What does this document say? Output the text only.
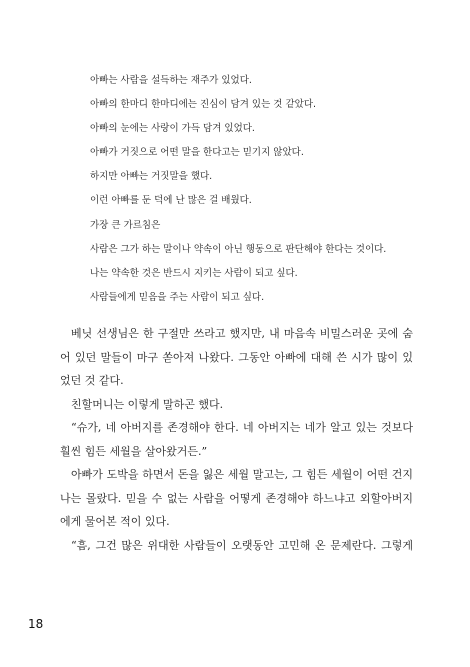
아빠는 사람을 설득하는 재주가 있었다.
아빠의 한마디 한마디에는 진심이 담겨 있는 것 같았다.
아빠의 눈에는 사랑이 가득 담겨 있었다.
아빠가 거짓으로 어떤 말을 한다고는 믿기지 않았다.
하지만 아빠는 거짓말을 했다.
이런 아빠를 둔 덕에 난 많은 걸 배웠다.
가장 큰 가르침은
사람은 그가 하는 말이나 약속이 아닌 행동으로 판단해야 한다는 것이다.
나는 약속한 것은 반드시 지키는 사람이 되고 싶다.
사람들에게 믿음을 주는 사람이 되고 싶다.
베닛 선생님은 한 구절만 쓰라고 했지만, 내 마음속 비밀스러운 곳에 숨
어 있던 말들이 마구 쏟아져 나왔다. 그동안 아빠에 대해 쓴 시가 많이 있
었던 것 같다.
친할머니는 이렇게 말하곤 했다.
“슈가, 네 아버지를 존경해야 한다. 네 아버지는 네가 알고 있는 것보다
훨씬 힘든 세월을 살아왔거든.”
아빠가 도박을 하면서 돈을 잃은 세월 말고는, 그 힘든 세월이 어떤 건지
나는 몰랐다. 믿을 수 없는 사람을 어떻게 존경해야 하느냐고 외할아버지
에게 물어본 적이 있다.
“흠, 그건 많은 위대한 사람들이 오랫동안 고민해 온 문제란다. 그렇게
18
